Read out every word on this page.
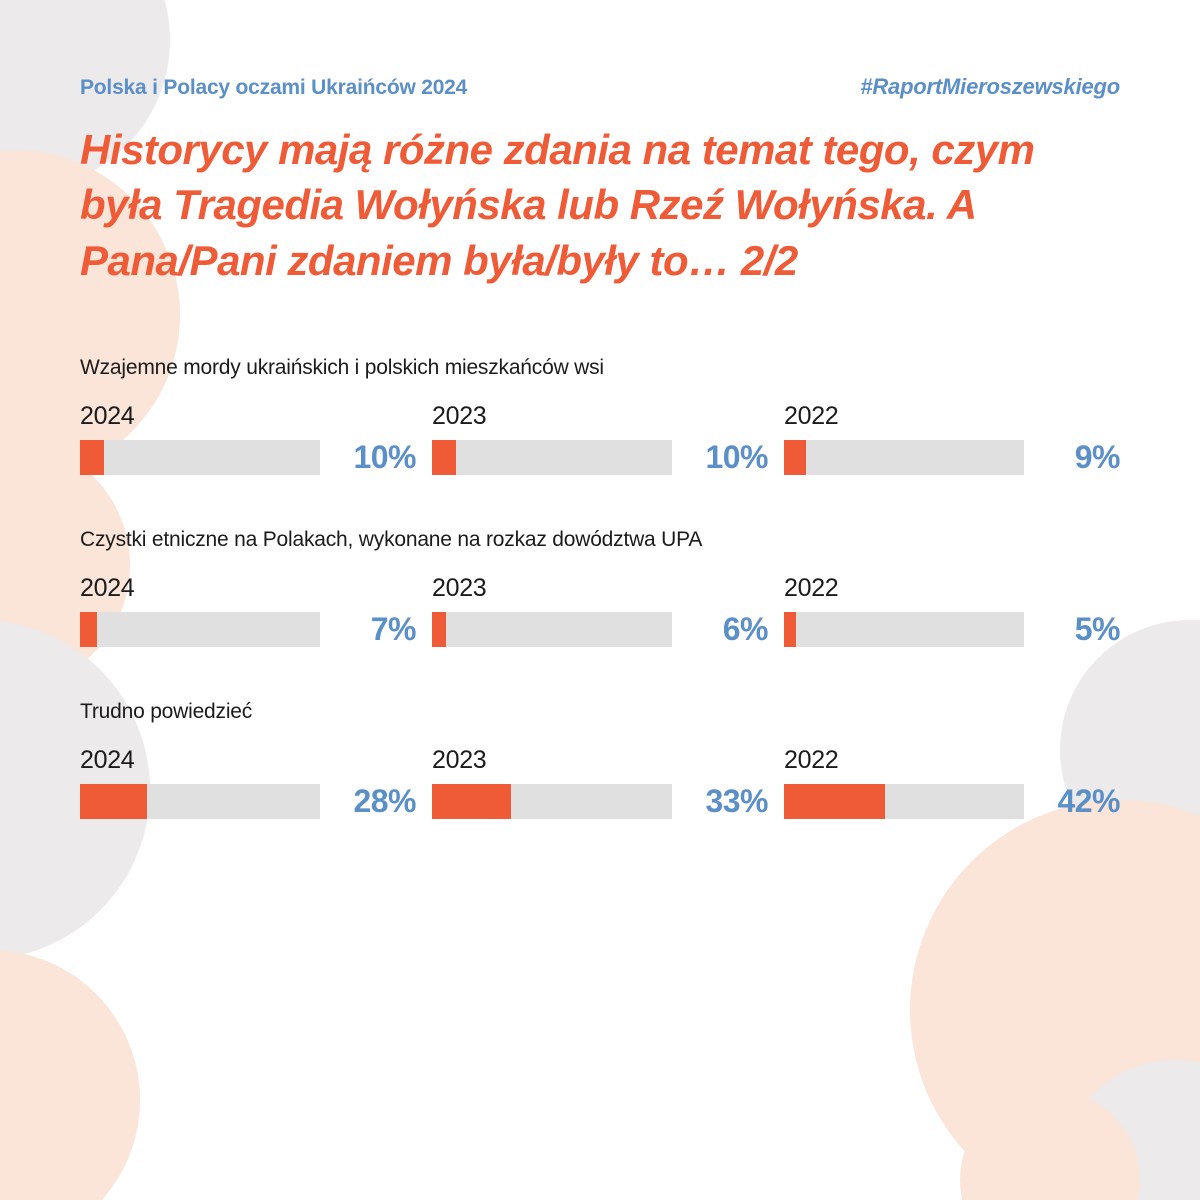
Polska i Polacy oczami Ukraińców 2024	#RaportMieroszewskiego
Historycy mają różne zdania na temat tego, czym była Tragedia Wołyńska lub Rzeź Wołyńska. A Pana/Pani zdaniem była/były to… 2/2
Wzajemne mordy ukraińskich i polskich mieszkańców wsi
2024
10%
2023
10%
2022
9%
Czystki etniczne na Polakach, wykonane na rozkaz dowództwa UPA
2024
7%
2023
6%
2022
5%
Trudno powiedzieć
2024
28%
2023
33%
2022
42%
